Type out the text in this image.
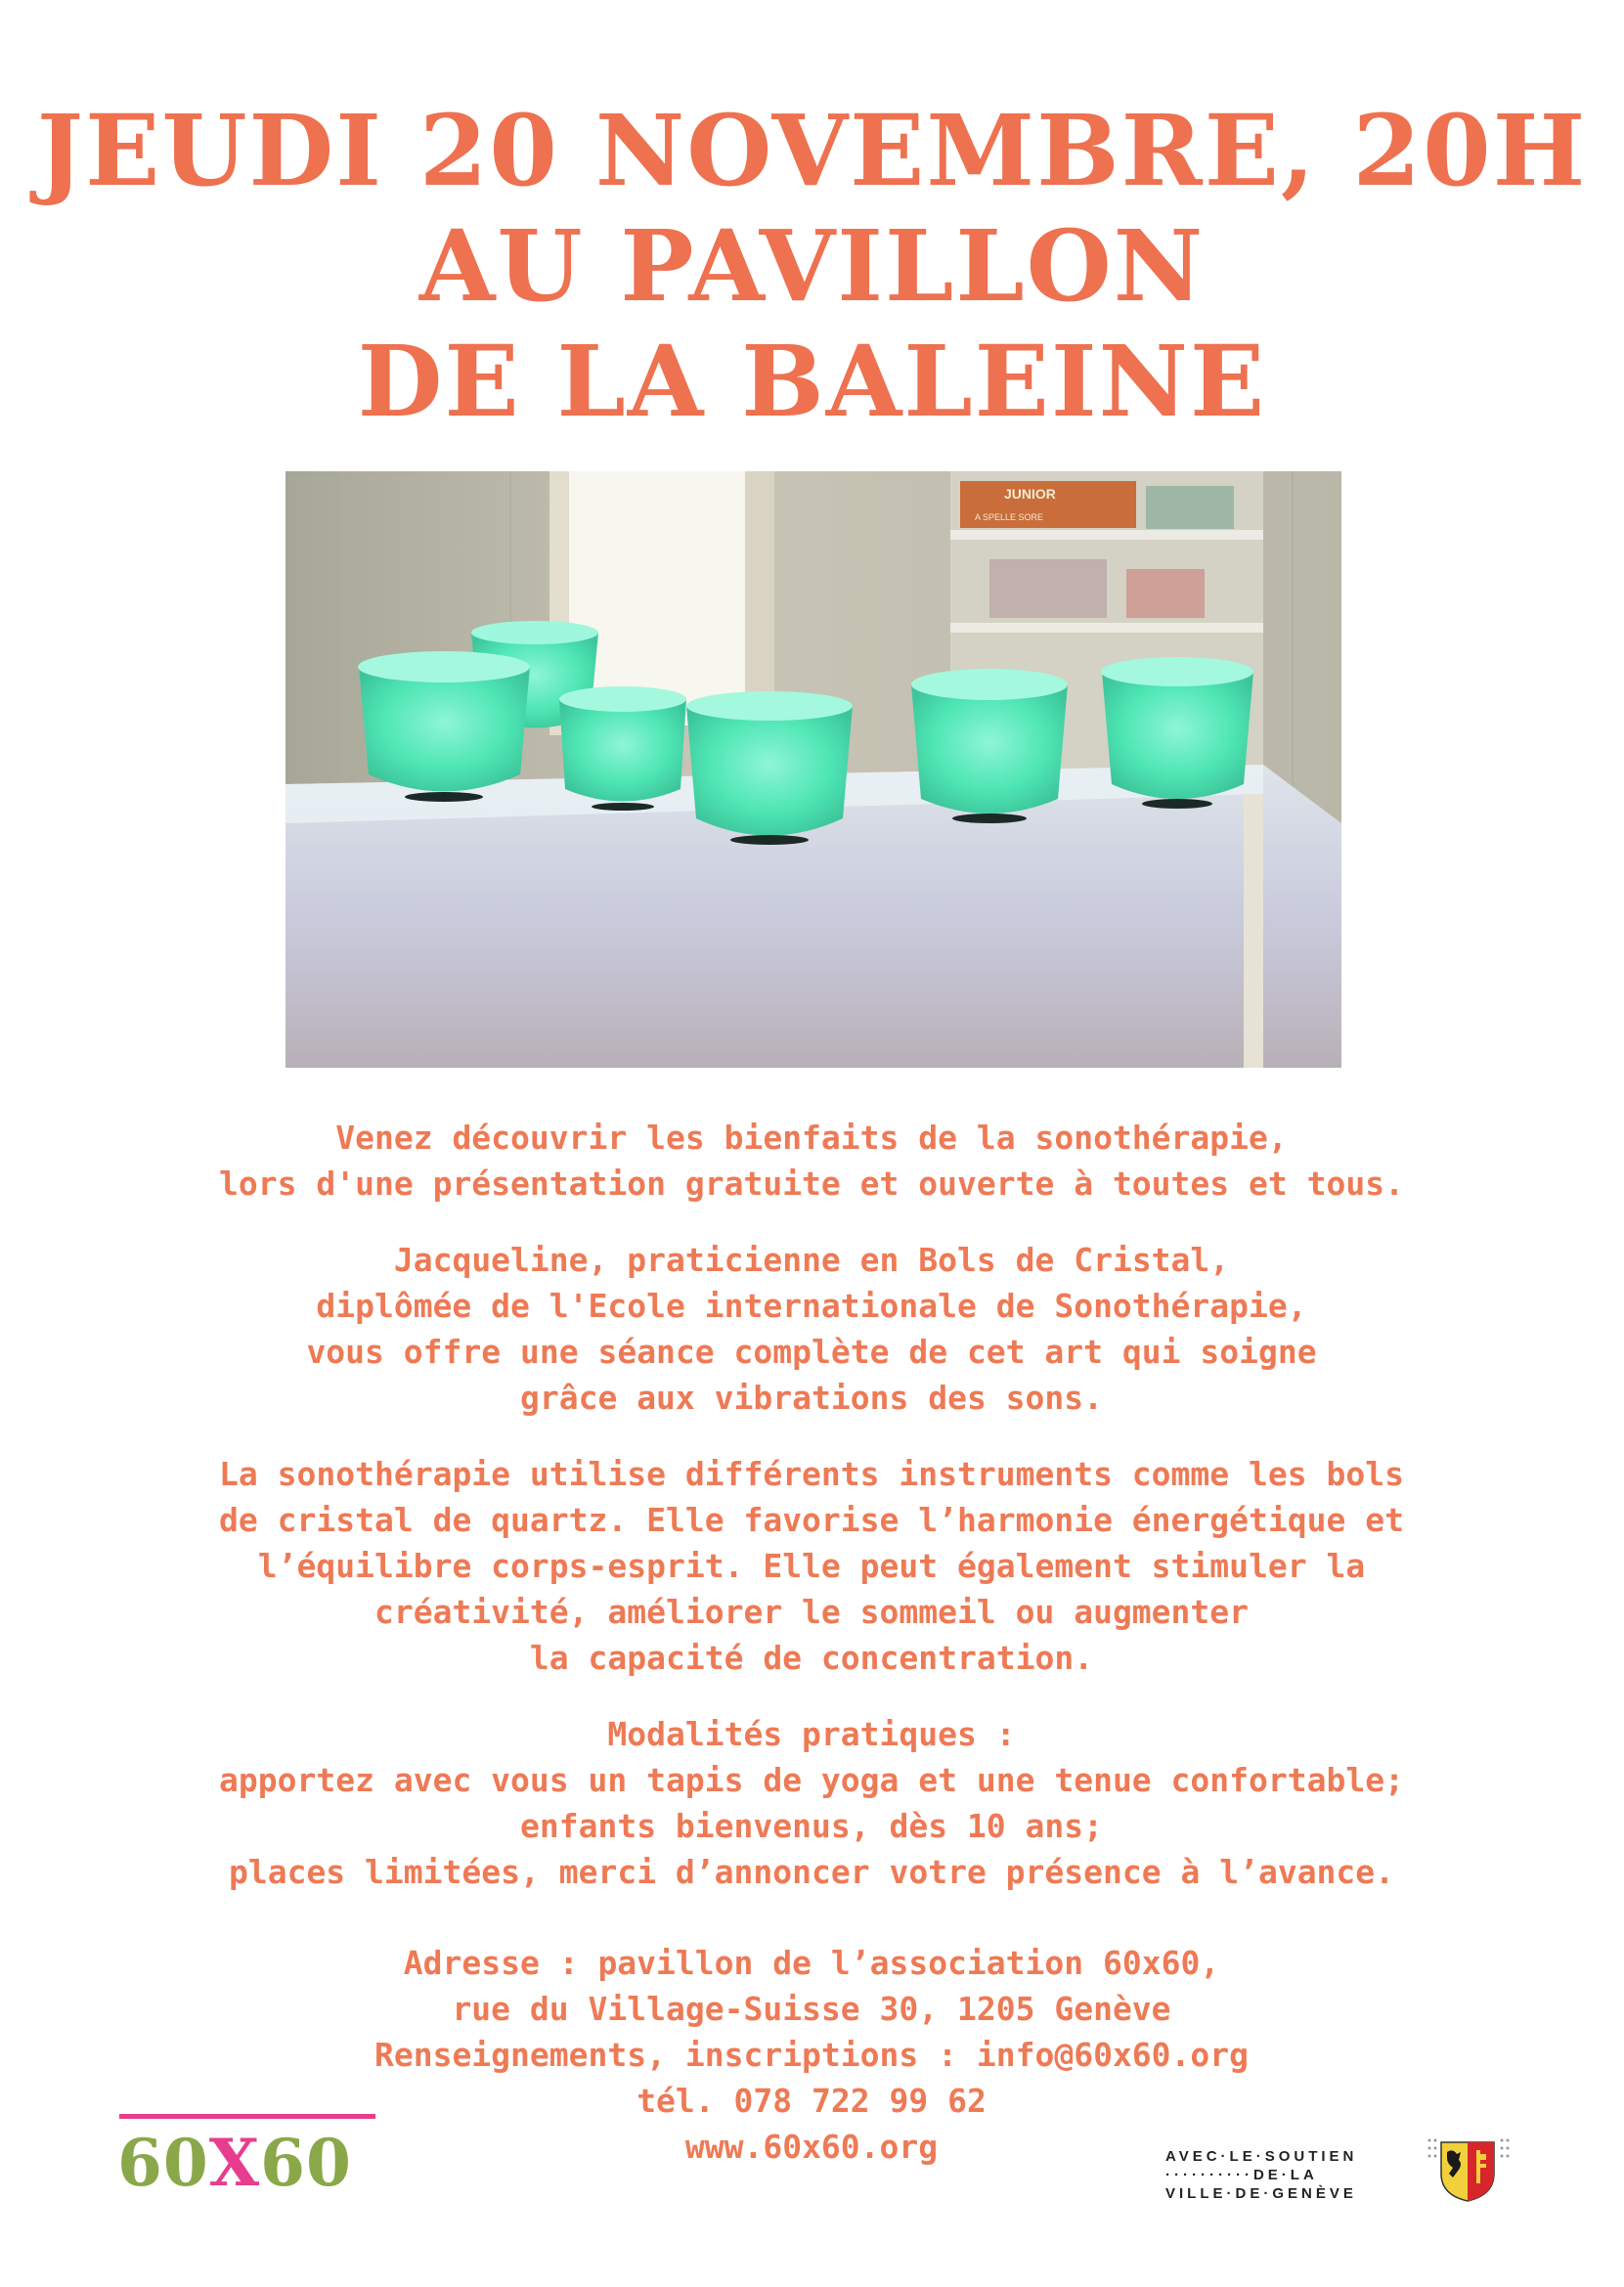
JEUDI 20 NOVEMBRE, 20H
AU PAVILLON
DE LA BALEINE
JUNIOR
A SPELLE SORE
Venez découvrir les bienfaits de la sonothérapie,
lors d'une présentation gratuite et ouverte à toutes et tous.
Jacqueline, praticienne en Bols de Cristal,
diplômée de l'Ecole internationale de Sonothérapie,
vous offre une séance complète de cet art qui soigne
grâce aux vibrations des sons.
La sonothérapie utilise différents instruments comme les bols
de cristal de quartz. Elle favorise l’harmonie énergétique et
l’équilibre corps-esprit. Elle peut également stimuler la
créativité, améliorer le sommeil ou augmenter
la capacité de concentration.
Modalités pratiques :
apportez avec vous un tapis de yoga et une tenue confortable;
enfants bienvenus, dès 10 ans;
places limitées, merci d’annoncer votre présence à l’avance.
Adresse : pavillon de l’association 60x60,
rue du Village-Suisse 30, 1205 Genève
Renseignements, inscriptions : info@60x60.org
tél. 078 722 99 62
www.60x60.org
60X60	AVEC·LE·SOUTIEN
··········DE·LA
VILLE·DE·GENÈVE
